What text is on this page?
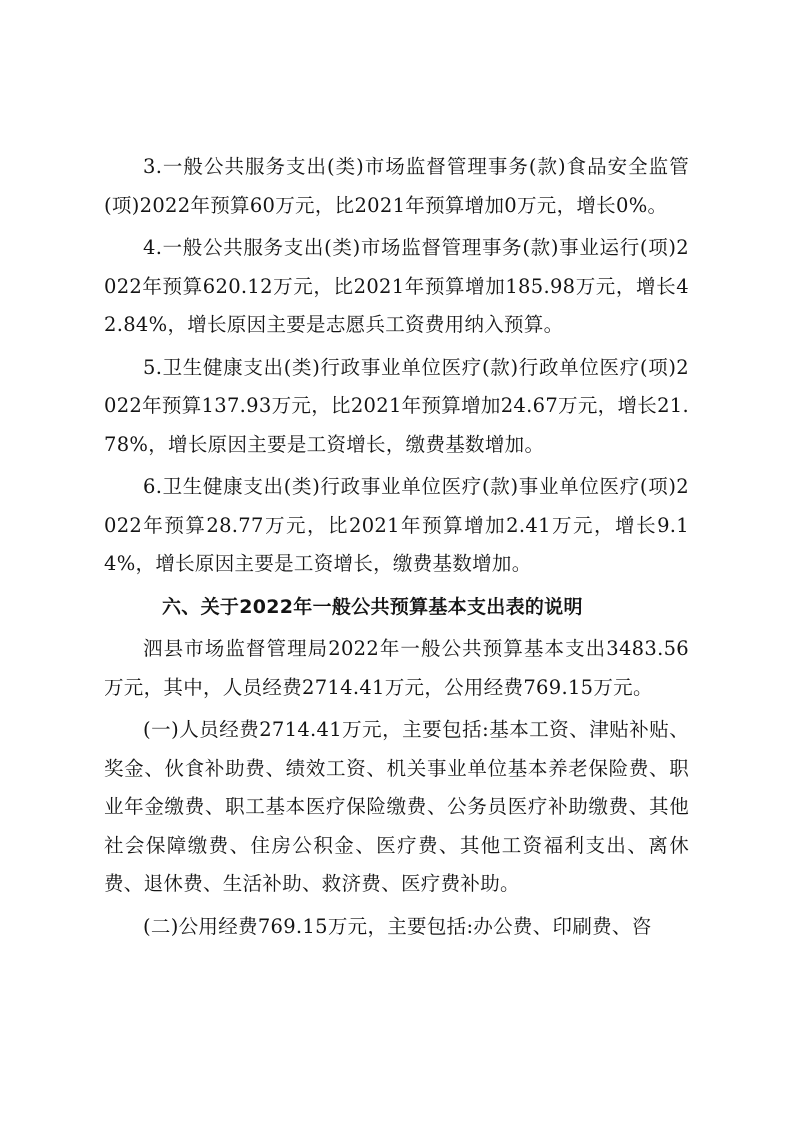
3.一般公共服务支出(类)市场监督管理事务(款)食品安全监管(项)2022年预算60万元，比2021年预算增加0万元，增长0%。

4.一般公共服务支出(类)市场监督管理事务(款)事业运行(项)2022年预算620.12万元，比2021年预算增加185.98万元，增长42.84%，增长原因主要是志愿兵工资费用纳入预算。

5.卫生健康支出(类)行政事业单位医疗(款)行政单位医疗(项)2022年预算137.93万元，比2021年预算增加24.67万元，增长21.78%，增长原因主要是工资增长，缴费基数增加。

6.卫生健康支出(类)行政事业单位医疗(款)事业单位医疗(项)2022年预算28.77万元，比2021年预算增加2.41万元，增长9.14%，增长原因主要是工资增长，缴费基数增加。

六、关于2022年一般公共预算基本支出表的说明

泗县市场监督管理局2022年一般公共预算基本支出3483.56万元，其中，人员经费2714.41万元，公用经费769.15万元。

(一)人员经费2714.41万元，主要包括:基本工资、津贴补贴、奖金、伙食补助费、绩效工资、机关事业单位基本养老保险费、职业年金缴费、职工基本医疗保险缴费、公务员医疗补助缴费、其他社会保障缴费、住房公积金、医疗费、其他工资福利支出、离休费、退休费、生活补助、救济费、医疗费补助。

(二)公用经费769.15万元，主要包括:办公费、印刷费、咨
